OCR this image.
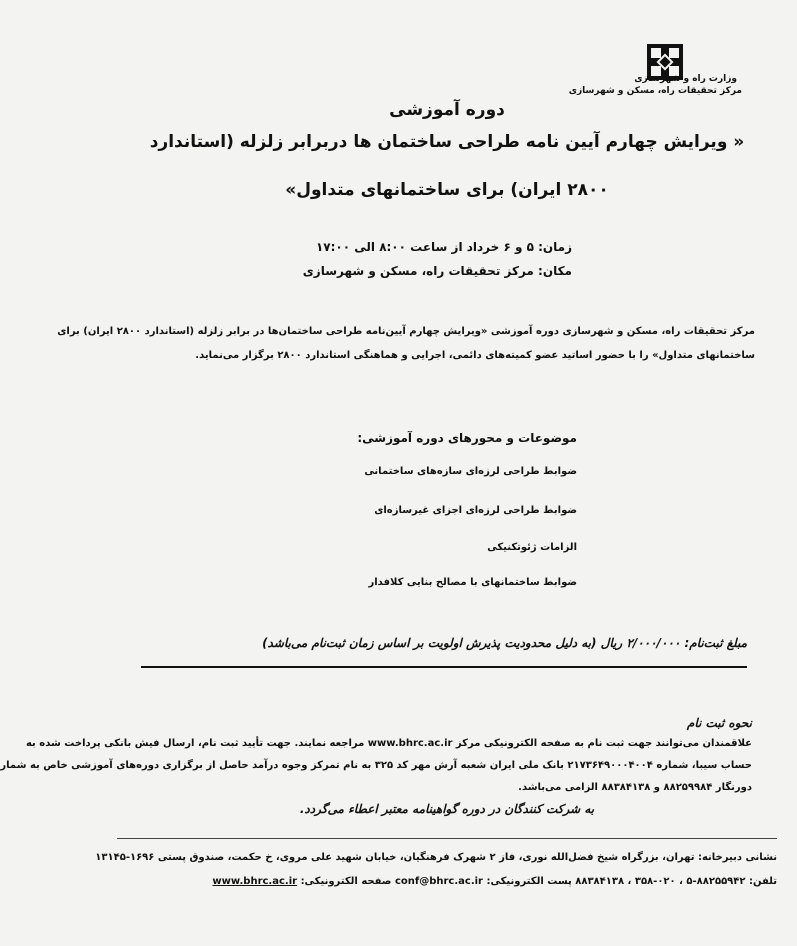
وزارت راه و شهرسازی
مرکز تحقیقات راه، مسکن و شهرسازی
دوره آموزشی
« ویرایش چهارم آیین نامه طراحی ساختمان ها دربرابر زلزله (استاندارد
۲۸۰۰ ایران) برای ساختمانهای متداول»
زمان: ۵ و ۶ خرداد از ساعت ۸:۰۰ الی ۱۷:۰۰
مکان: مرکز تحقیقات راه، مسکن و شهرسازی
مرکز تحقیقات راه، مسکن و شهرسازی دوره آموزشی «ویرایش چهارم آیین‌نامه طراحی ساختمان‌ها در برابر زلزله (استاندارد ۲۸۰۰ ایران) برای
ساختمانهای متداول» را با حضور اساتید عضو کمیته‌های دائمی، اجرایی و هماهنگی استاندارد ۲۸۰۰ برگزار می‌نماید.
موضوعات و محورهای دوره آموزشی:
ضوابط طراحی لرزه‌ای سازه‌های ساختمانی
ضوابط طراحی لرزه‌ای اجزای غیرسازه‌ای
الزامات ژئوتکنیکی
ضوابط ساختمانهای با مصالح بنایی کلافدار
مبلغ ثبت‌نام: ۲/۰۰۰/۰۰۰ ریال (به دلیل محدودیت پذیرش اولویت بر اساس زمان ثبت‌نام می‌باشد)
نحوه ثبت نام
علاقمندان می‌توانند جهت ثبت نام به صفحه الکترونیکی مرکز www.bhrc.ac.ir مراجعه نمایند. جهت تأیید ثبت نام، ارسال فیش بانکی پرداخت شده به
حساب سیبا، شماره ۲۱۷۳۶۴۹۰۰۰۴۰۰۴ بانک ملی ایران شعبه آرش مهر کد ۳۲۵ به نام تمرکز وجوه درآمد حاصل از برگزاری دوره‌های آموزشی خاص به شمار
دورنگار ۸۸۲۵۹۹۸۴ و ۸۸۳۸۴۱۳۸ الزامی می‌باشد.
به شرکت کنندگان در دوره گواهینامه معتبر اعطاء می‌گردد.
نشانی دبیرخانه: تهران، بزرگراه شیخ فضل‌الله نوری، فاز ۲ شهرک فرهنگیان، خیابان شهید علی مروی، خ حکمت، صندوق پستی ۱۶۹۶-۱۳۱۴۵
تلفن: ۸۸۲۵۵۹۴۲-۵ ، ۰۲۰-۳۵۸ ، ۸۸۳۸۴۱۳۸ پست الکترونیکی: conf@bhrc.ac.ir صفحه الکترونیکی: www.bhrc.ac.ir
